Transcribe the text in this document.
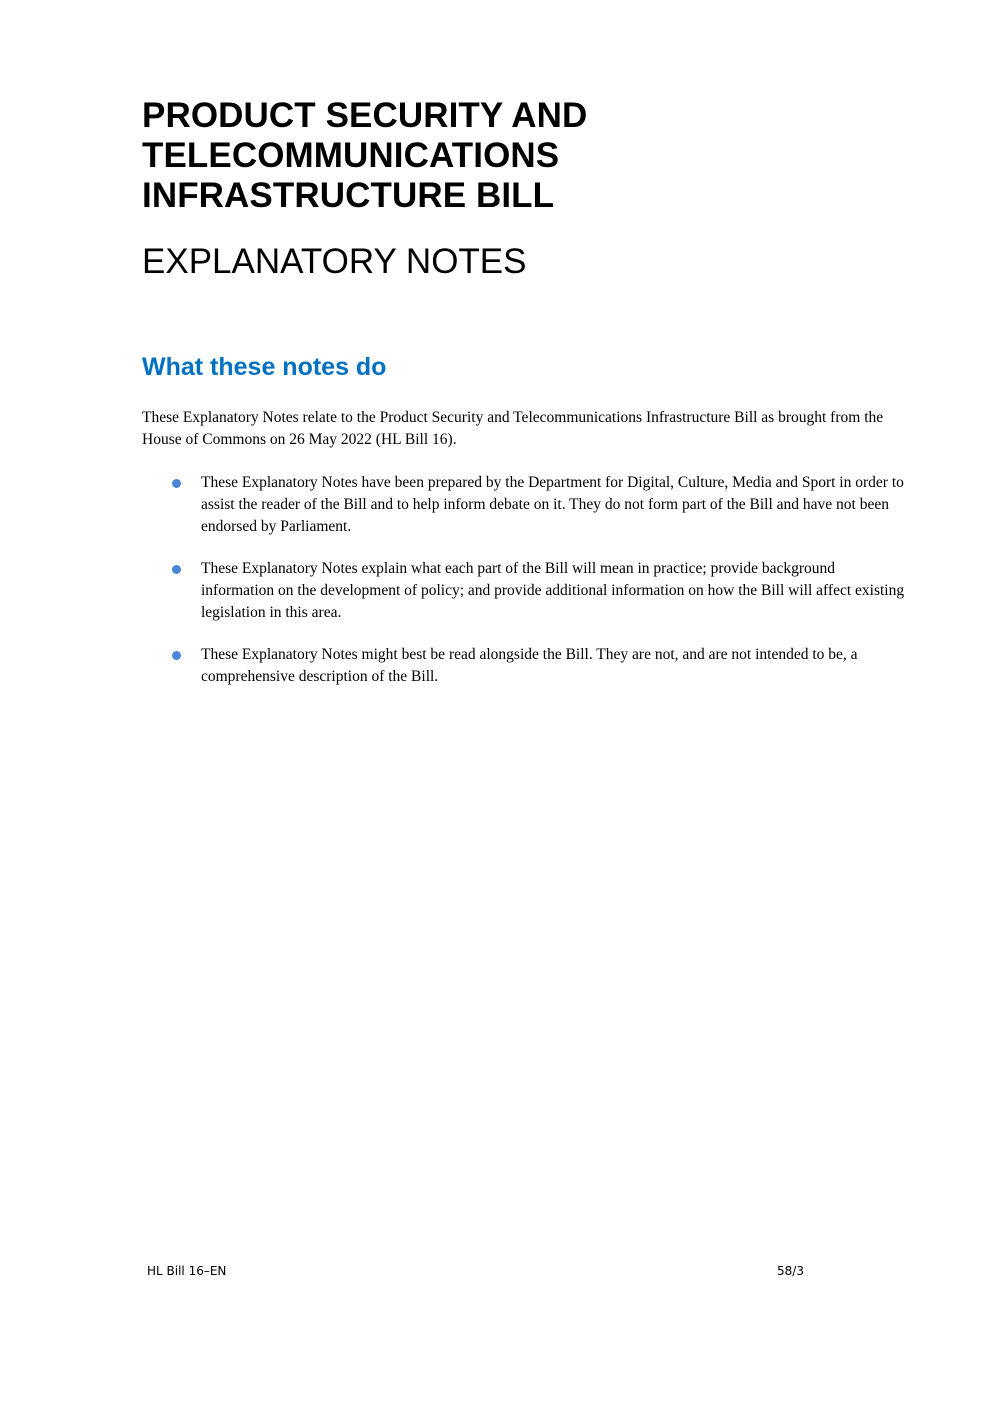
PRODUCT SECURITY AND
TELECOMMUNICATIONS
INFRASTRUCTURE BILL
EXPLANATORY NOTES
What these notes do

These Explanatory Notes relate to the Product Security and Telecommunications Infrastructure Bill as brought from the House of Commons on 26 May 2022 (HL Bill 16).

These Explanatory Notes have been prepared by the Department for Digital, Culture, Media and Sport in order to assist the reader of the Bill and to help inform debate on it. They do not form part of the Bill and have not been endorsed by Parliament.
These Explanatory Notes explain what each part of the Bill will mean in practice; provide background information on the development of policy; and provide additional information on how the Bill will affect existing legislation in this area.
These Explanatory Notes might best be read alongside the Bill. They are not, and are not intended to be, a comprehensive description of the Bill.
HL Bill 16–EN	58/3
